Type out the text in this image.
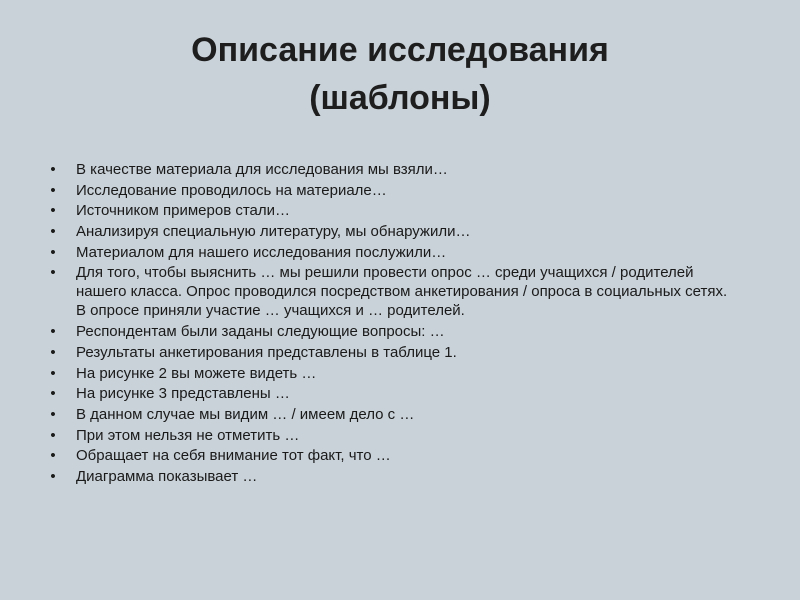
Описание исследования
(шаблоны)
• В качестве материала для исследования мы взяли…
• Исследование проводилось на материале…
• Источником примеров стали…
• Анализируя специальную литературу, мы обнаружили…
• Материалом для нашего исследования послужили…
• Для того, чтобы выяснить … мы решили провести опрос … среди учащихся / родителей нашего класса. Опрос проводился посредством анкетирования / опроса в социальных сетях. В опросе приняли участие … учащихся и … родителей.
• Респондентам были заданы следующие вопросы: …
• Результаты анкетирования представлены в таблице 1.
• На рисунке 2 вы можете видеть …
• На рисунке 3 представлены …
• В данном случае мы видим … / имеем дело с …
• При этом нельзя не отметить …
• Обращает на себя внимание тот факт, что …
• Диаграмма показывает …
